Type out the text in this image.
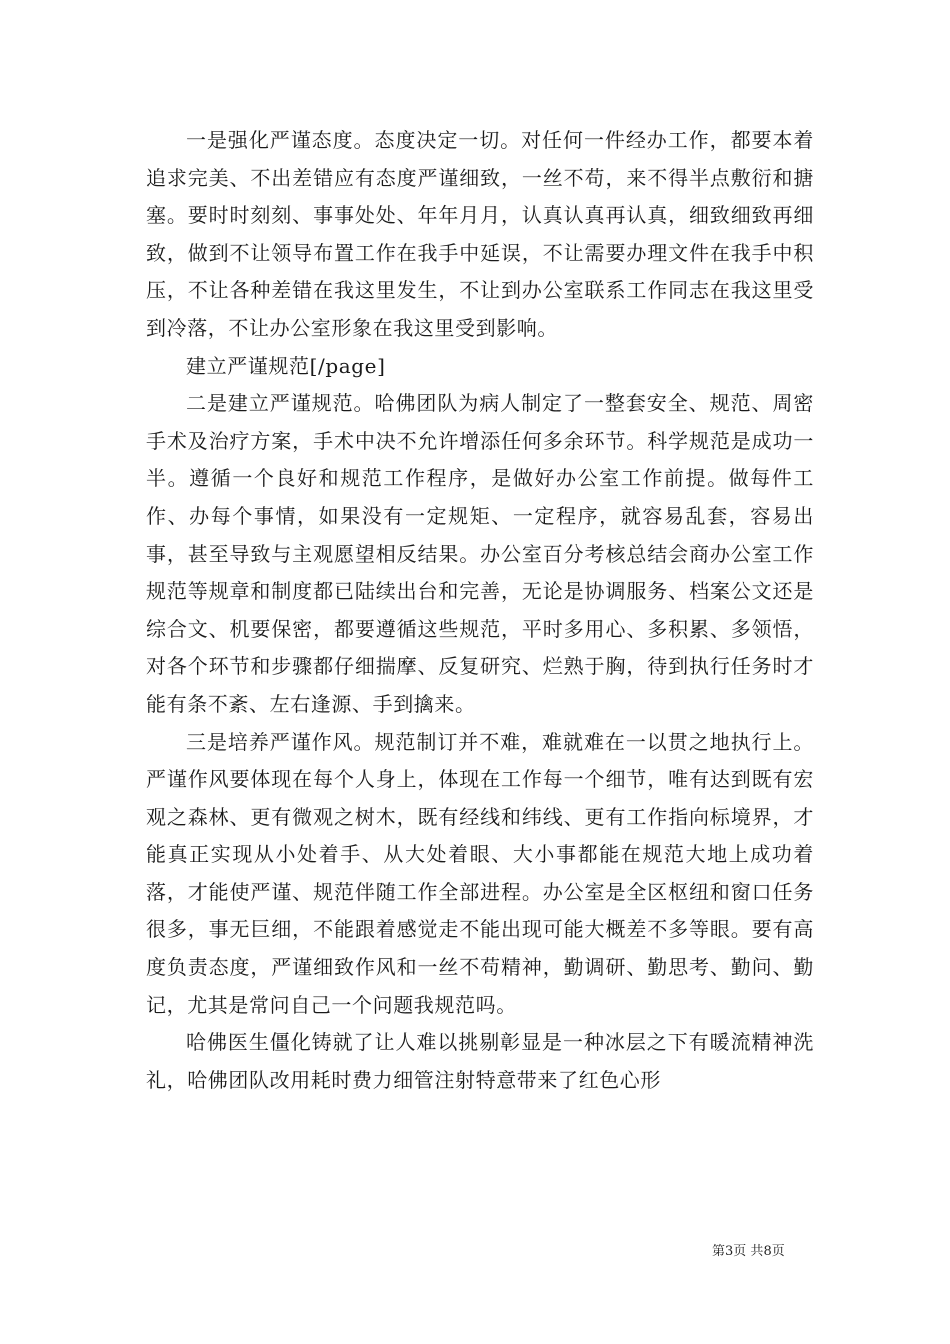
一是强化严谨态度。态度决定一切。对任何一件经办工作，都要本着追求完美、不出差错应有态度严谨细致，一丝不苟，来不得半点敷衍和搪塞。要时时刻刻、事事处处、年年月月，认真认真再认真，细致细致再细致，做到不让领导布置工作在我手中延误，不让需要办理文件在我手中积压，不让各种差错在我这里发生，不让到办公室联系工作同志在我这里受到冷落，不让办公室形象在我这里受到影响。

建立严谨规范[/page]

二是建立严谨规范。哈佛团队为病人制定了一整套安全、规范、周密手术及治疗方案，手术中决不允许增添任何多余环节。科学规范是成功一半。遵循一个良好和规范工作程序，是做好办公室工作前提。做每件工作、办每个事情，如果没有一定规矩、一定程序，就容易乱套，容易出事，甚至导致与主观愿望相反结果。办公室百分考核总结会商办公室工作规范等规章和制度都已陆续出台和完善，无论是协调服务、档案公文还是综合文、机要保密，都要遵循这些规范，平时多用心、多积累、多领悟，对各个环节和步骤都仔细揣摩、反复研究、烂熟于胸，待到执行任务时才能有条不紊、左右逢源、手到擒来。

三是培养严谨作风。规范制订并不难，难就难在一以贯之地执行上。严谨作风要体现在每个人身上，体现在工作每一个细节，唯有达到既有宏观之森林、更有微观之树木，既有经线和纬线、更有工作指向标境界，才能真正实现从小处着手、从大处着眼、大小事都能在规范大地上成功着落，才能使严谨、规范伴随工作全部进程。办公室是全区枢纽和窗口任务很多，事无巨细，不能跟着感觉走不能出现可能大概差不多等眼。要有高度负责态度，严谨细致作风和一丝不苟精神，勤调研、勤思考、勤问、勤记，尤其是常问自己一个问题我规范吗。

哈佛医生僵化铸就了让人难以挑剔彰显是一种冰层之下有暖流精神洗礼，哈佛团队改用耗时费力细管注射特意带来了红色心形

第3页 共8页
